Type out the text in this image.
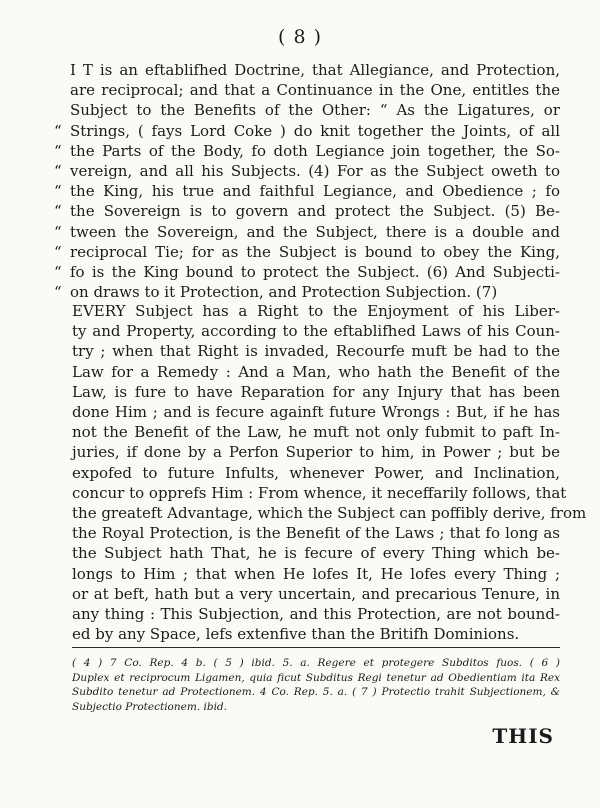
( 8 )
I T is an eftablifhed Doctrine, that Allegiance, and Protection,
are reciprocal; and that a Continuance in the One, entitles the
Subject to the Benefits of the Other: “ As the Ligatures, or
“ Strings, ( fays Lord Coke ) do knit together the Joints, of all
“ the Parts of the Body, fo doth Legiance join together, the So-
“ vereign, and all his Subjects. (4) For as the Subject oweth to
“ the King, his true and faithful Legiance, and Obedience ; fo
“ the Sovereign is to govern and protect the Subject. (5) Be-
“ tween the Sovereign, and the Subject, there is a double and
“ reciprocal Tie; for as the Subject is bound to obey the King,
“ fo is the King bound to protect the Subject. (6) And Subjecti-
“ on draws to it Protection, and Protection Subjection. (7)
EVERY Subject has a Right to the Enjoyment of his Liber-
ty and Property, according to the eftablifhed Laws of his Coun-
try ; when that Right is invaded, Recourfe muft be had to the
Law for a Remedy : And a Man, who hath the Benefit of the
Law, is fure to have Reparation for any Injury that has been
done Him ; and is fecure againft future Wrongs : But, if he has
not the Benefit of the Law, he muft not only fubmit to paft In-
juries, if done by a Perfon Superior to him, in Power ; but be
expofed to future Infults, whenever Power, and Inclination,
concur to opprefs Him : From whence, it neceffarily follows, that
the greateft Advantage, which the Subject can poffibly derive, from
the Royal Protection, is the Benefit of the Laws ; that fo long as
the Subject hath That, he is fecure of every Thing which be-
longs to Him ; that when He lofes It, He lofes every Thing ;
or at beft, hath but a very uncertain, and precarious Tenure, in
any thing : This Subjection, and this Protection, are not bound-
ed by any Space, lefs extenfive than the Britifh Dominions.
( 4 ) 7 Co. Rep. 4 b. ( 5 ) ibid. 5. a. Regere et protegere Subditos fuos. ( 6 )
Duplex et reciprocum Ligamen, quia ficut Subditus Regi tenetur ad Obedientiam ita Rex
Subdito tenetur ad Protectionem. 4 Co. Rep. 5. a. ( 7 ) Protectio trahit Subjectionem, &
Subjectio Protectionem. ibid.
THIS
